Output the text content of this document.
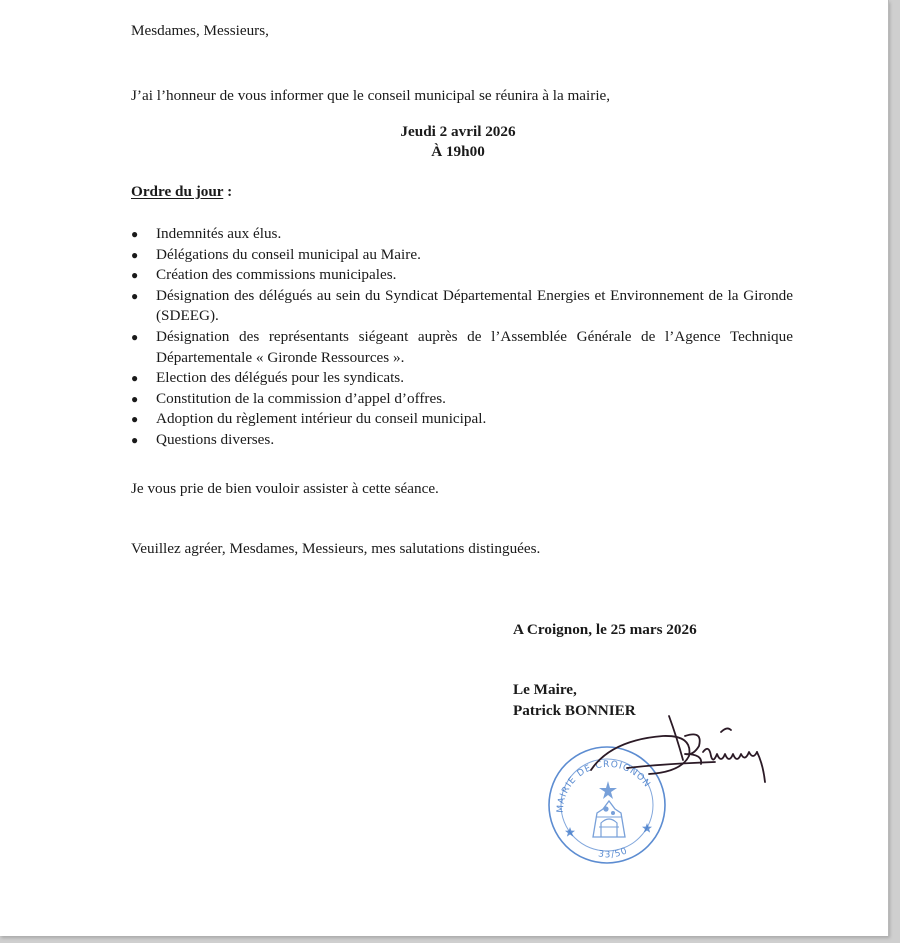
Mesdames, Messieurs,
J’ai l’honneur de vous informer que le conseil municipal se réunira à la mairie,
Jeudi 2 avril 2026
À 19h00
Ordre du jour :
● Indemnités aux élus.
● Délégations du conseil municipal au Maire.
● Création des commissions municipales.
● Désignation des délégués au sein du Syndicat Départemental Energies et Environnement de la Gironde (SDEEG).
● Désignation des représentants siégeant auprès de l’Assemblée Générale de l’Agence Technique Départementale « Gironde Ressources ».
● Election des délégués pour les syndicats.
● Constitution de la commission d’appel d’offres.
● Adoption du règlement intérieur du conseil municipal.
● Questions diverses.
Je vous prie de bien vouloir assister à cette séance.
Veuillez agréer, Mesdames, Messieurs, mes salutations distinguées.
A Croignon, le 25 mars 2026
Le Maire,
Patrick BONNIER
MAIRIE DE CROIGNON
33/50
